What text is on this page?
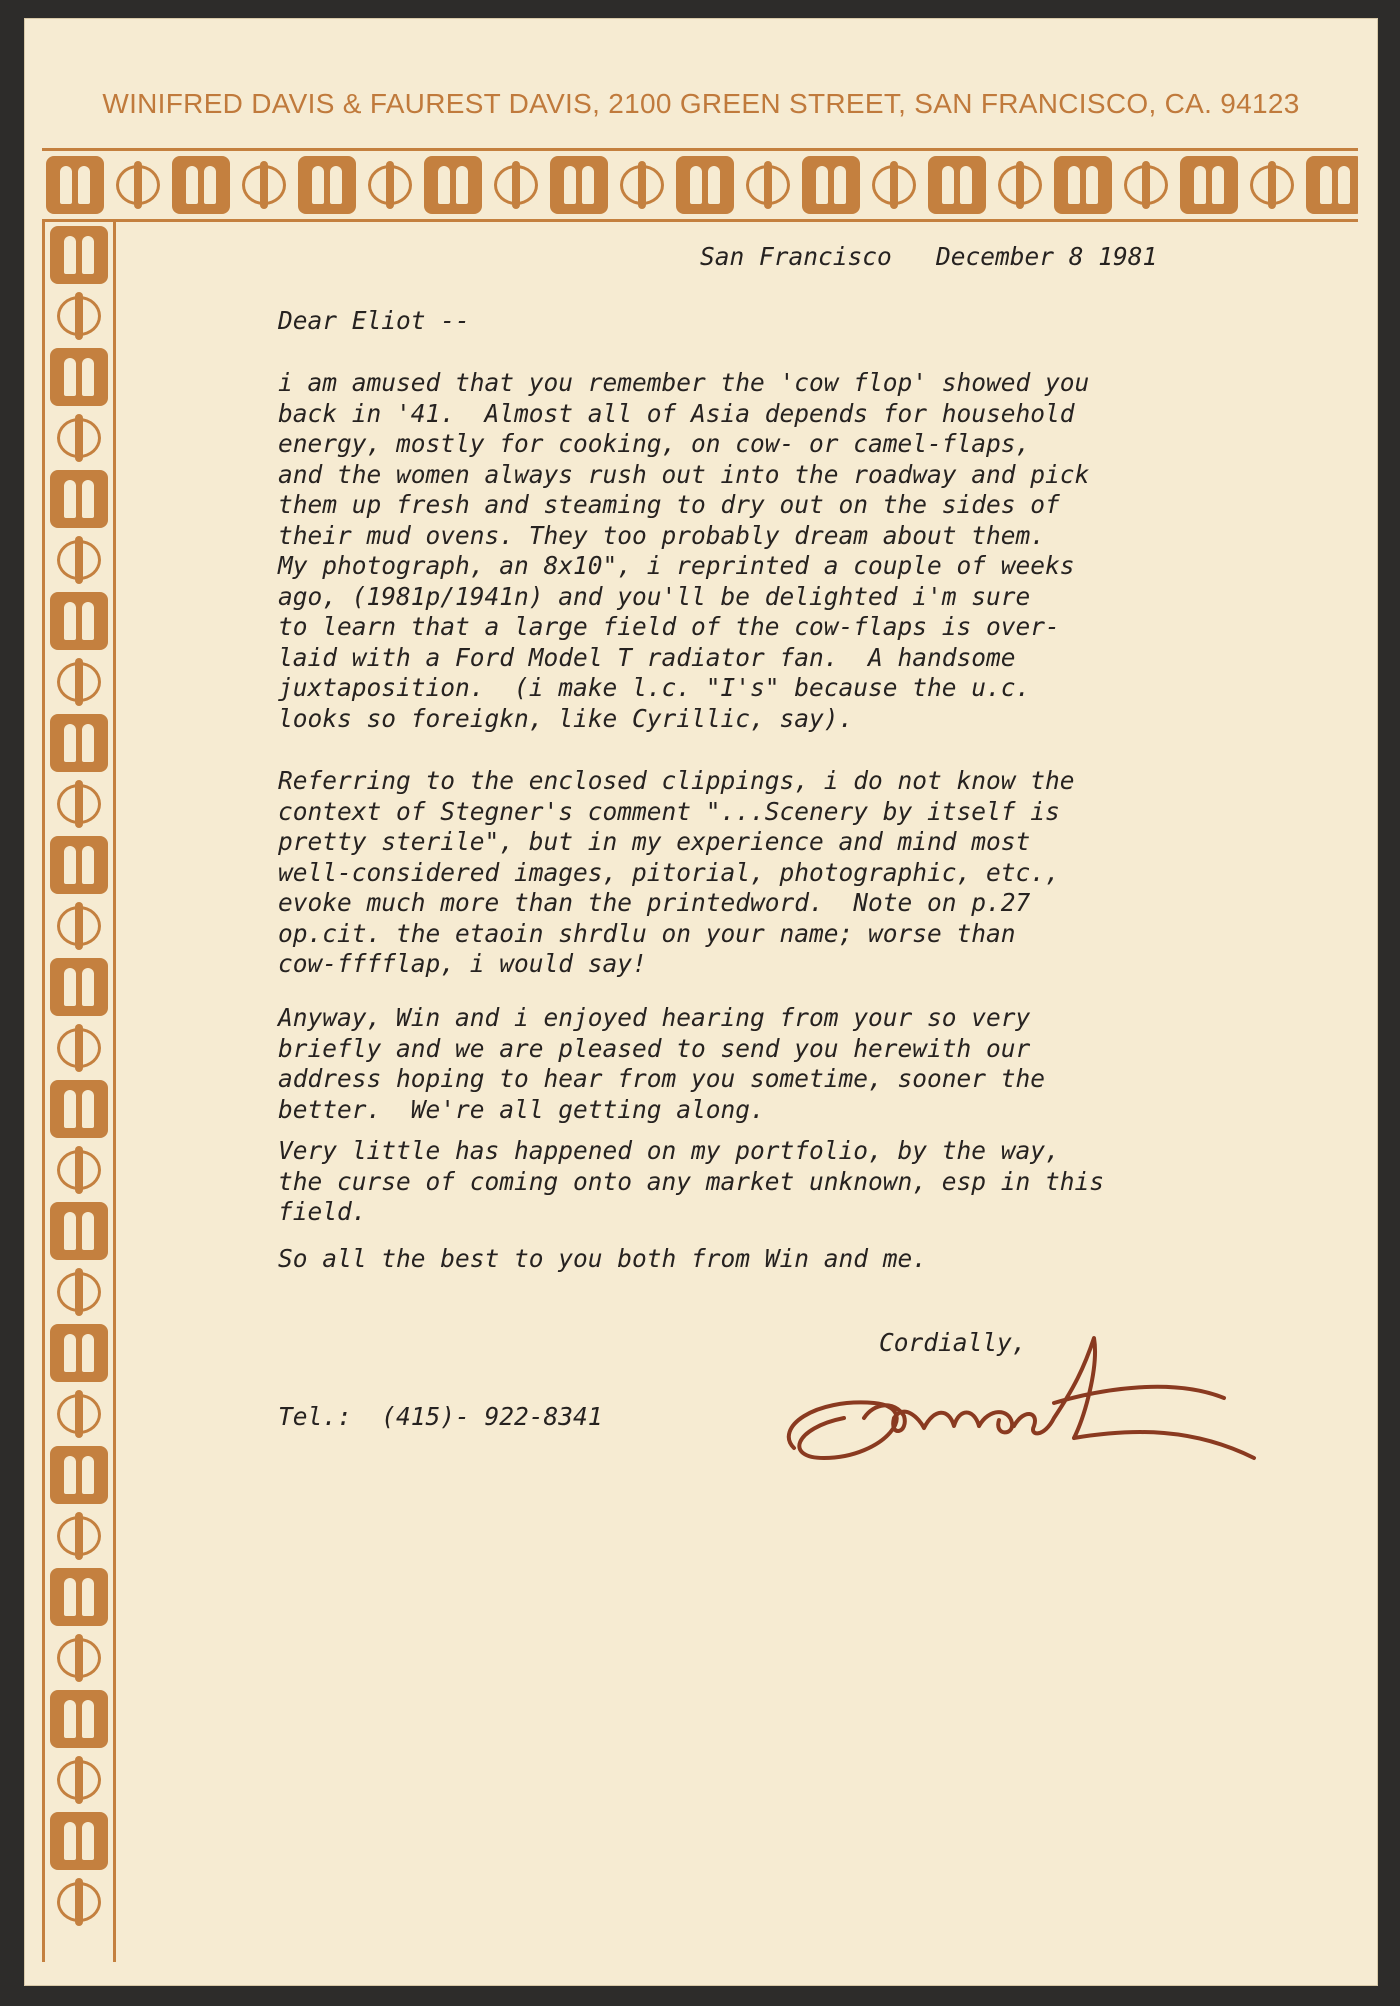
WINIFRED DAVIS & FAUREST DAVIS, 2100 GREEN STREET, SAN FRANCISCO, CA. 94123
San Francisco   December 8 1981
Dear Eliot --
i am amused that you remember the 'cow flop' showed you
back in '41.  Almost all of Asia depends for household
energy, mostly for cooking, on cow- or camel-flaps,
and the women always rush out into the roadway and pick
them up fresh and steaming to dry out on the sides of
their mud ovens. They too probably dream about them.
My photograph, an 8x10", i reprinted a couple of weeks
ago, (1981p/1941n) and you'll be delighted i'm sure
to learn that a large field of the cow-flaps is over-
laid with a Ford Model T radiator fan.  A handsome
juxtaposition.  (i make l.c. "I's" because the u.c.
looks so foreigkn, like Cyrillic, say).
Referring to the enclosed clippings, i do not know the
context of Stegner's comment "...Scenery by itself is
pretty sterile", but in my experience and mind most
well-considered images, pitorial, photographic, etc.,
evoke much more than the printedword.  Note on p.27
op.cit. the etaoin shrdlu on your name; worse than
cow-fffflap, i would say!
Anyway, Win and i enjoyed hearing from your so very
briefly and we are pleased to send you herewith our
address hoping to hear from you sometime, sooner the
better.  We're all getting along.
Very little has happened on my portfolio, by the way,
the curse of coming onto any market unknown, esp in this
field.
So all the best to you both from Win and me.
Cordially,
Tel.:  (415)- 922-8341
